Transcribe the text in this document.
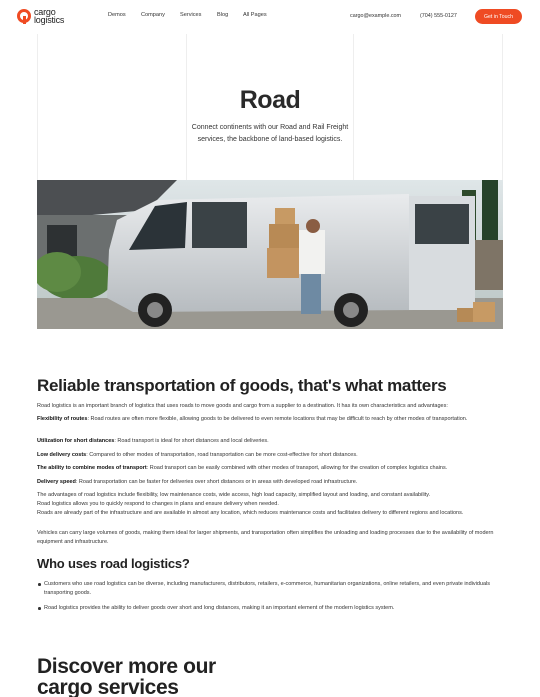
cargo
logistics	Demos	Company	Services	Blog	All Pages	cargo@example.com	(704) 555-0127	Get in Touch
Road

Connect continents with our Road and Rail Freight services, the backbone of land-based logistics.

Reliable transportation of goods, that's what matters

Road logistics is an important branch of logistics that uses roads to move goods and cargo from a supplier to a destination. It has its own characteristics and advantages:

Flexibility of routes: Road routes are often more flexible, allowing goods to be delivered to even remote locations that may be difficult to reach by other modes of transportation.

Utilization for short distances: Road transport is ideal for short distances and local deliveries.

Low delivery costs: Compared to other modes of transportation, road transportation can be more cost-effective for short distances.

The ability to combine modes of transport: Road transport can be easily combined with other modes of transport, allowing for the creation of complex logistics chains.

Delivery speed: Road transportation can be faster for deliveries over short distances or in areas with developed road infrastructure.

The advantages of road logistics include flexibility, low maintenance costs, wide access, high load capacity, simplified layout and loading, and constant availability.

Road logistics allows you to quickly respond to changes in plans and ensure delivery when needed.

Roads are already part of the infrastructure and are available in almost any location, which reduces maintenance costs and facilitates delivery to different regions and locations.

Vehicles can carry large volumes of goods, making them ideal for larger shipments, and transportation often simplifies the unloading and loading processes due to the availability of modern equipment and infrastructure.

Who uses road logistics?
Customers who use road logistics can be diverse, including manufacturers, distributors, retailers, e-commerce, humanitarian organizations, online retailers, and even private individuals transporting goods.
Road logistics provides the ability to deliver goods over short and long distances, making it an important element of the modern logistics system.
Discover more our
cargo services
